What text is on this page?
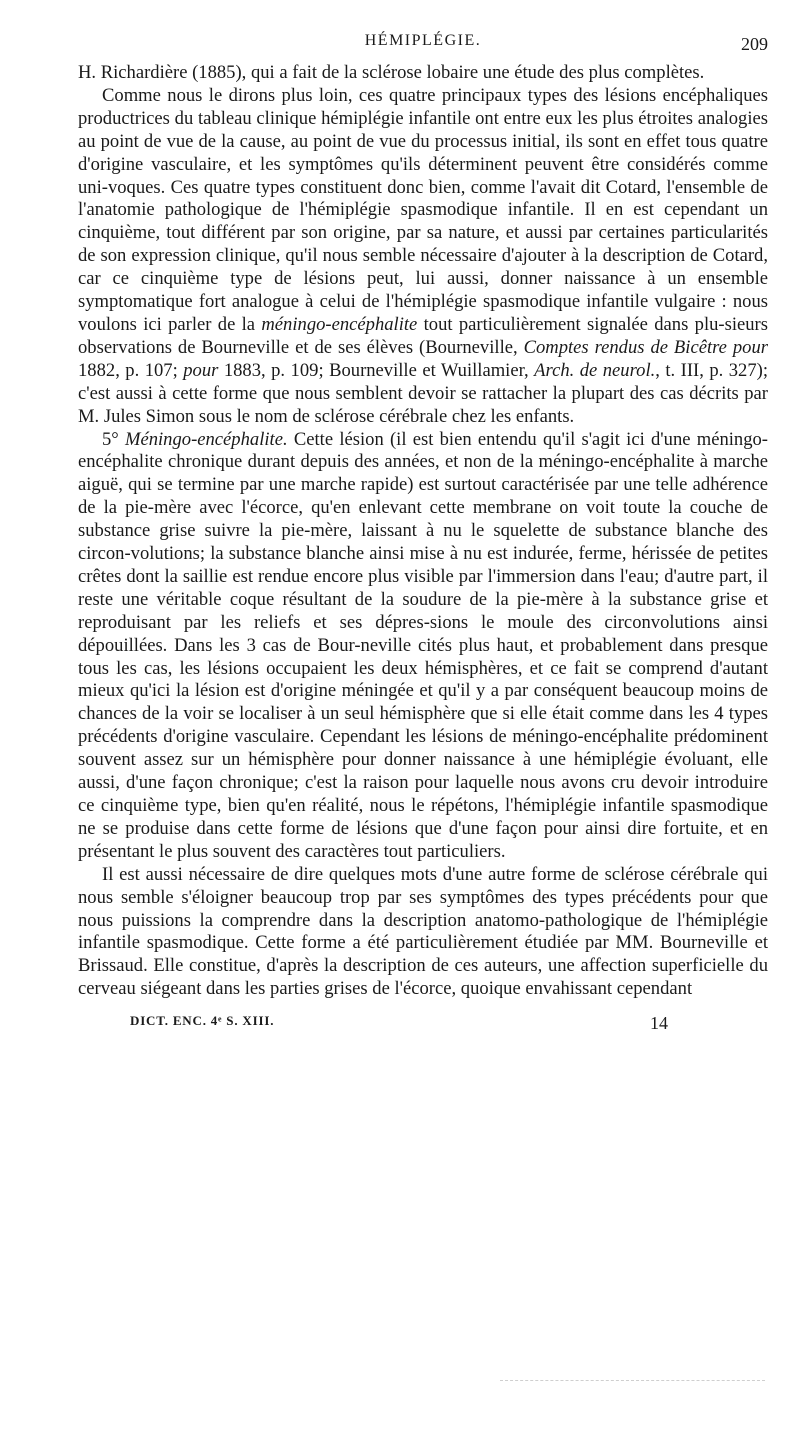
HÉMIPLÉGIE.	209

H. Richardière (1885), qui a fait de la sclérose lobaire une étude des plus complètes.

Comme nous le dirons plus loin, ces quatre principaux types des lésions encéphaliques productrices du tableau clinique hémiplégie infantile ont entre eux les plus étroites analogies au point de vue de la cause, au point de vue du processus initial, ils sont en effet tous quatre d'origine vasculaire, et les symptômes qu'ils déterminent peuvent être considérés comme uni-voques. Ces quatre types constituent donc bien, comme l'avait dit Cotard, l'ensemble de l'anatomie pathologique de l'hémiplégie spasmodique infantile. Il en est cependant un cinquième, tout différent par son origine, par sa nature, et aussi par certaines particularités de son expression clinique, qu'il nous semble nécessaire d'ajouter à la description de Cotard, car ce cinquième type de lésions peut, lui aussi, donner naissance à un ensemble symptomatique fort analogue à celui de l'hémiplégie spasmodique infantile vulgaire : nous voulons ici parler de la méningo-encéphalite tout particulièrement signalée dans plu-sieurs observations de Bourneville et de ses élèves (Bourneville, Comptes rendus de Bicêtre pour 1882, p. 107; pour 1883, p. 109; Bourneville et Wuillamier, Arch. de neurol., t. III, p. 327); c'est aussi à cette forme que nous semblent devoir se rattacher la plupart des cas décrits par M. Jules Simon sous le nom de sclérose cérébrale chez les enfants.

5° Méningo-encéphalite. Cette lésion (il est bien entendu qu'il s'agit ici d'une méningo-encéphalite chronique durant depuis des années, et non de la méningo-encéphalite à marche aiguë, qui se termine par une marche rapide) est surtout caractérisée par une telle adhérence de la pie-mère avec l'écorce, qu'en enlevant cette membrane on voit toute la couche de substance grise suivre la pie-mère, laissant à nu le squelette de substance blanche des circon-volutions; la substance blanche ainsi mise à nu est indurée, ferme, hérissée de petites crêtes dont la saillie est rendue encore plus visible par l'immersion dans l'eau; d'autre part, il reste une véritable coque résultant de la soudure de la pie-mère à la substance grise et reproduisant par les reliefs et ses dépres-sions le moule des circonvolutions ainsi dépouillées. Dans les 3 cas de Bour-neville cités plus haut, et probablement dans presque tous les cas, les lésions occupaient les deux hémisphères, et ce fait se comprend d'autant mieux qu'ici la lésion est d'origine méningée et qu'il y a par conséquent beaucoup moins de chances de la voir se localiser à un seul hémisphère que si elle était comme dans les 4 types précédents d'origine vasculaire. Cependant les lésions de méningo-encéphalite prédominent souvent assez sur un hémisphère pour donner naissance à une hémiplégie évoluant, elle aussi, d'une façon chronique; c'est la raison pour laquelle nous avons cru devoir introduire ce cinquième type, bien qu'en réalité, nous le répétons, l'hémiplégie infantile spasmodique ne se produise dans cette forme de lésions que d'une façon pour ainsi dire fortuite, et en présentant le plus souvent des caractères tout particuliers.

Il est aussi nécessaire de dire quelques mots d'une autre forme de sclérose cérébrale qui nous semble s'éloigner beaucoup trop par ses symptômes des types précédents pour que nous puissions la comprendre dans la description anatomo-pathologique de l'hémiplégie infantile spasmodique. Cette forme a été particulièrement étudiée par MM. Bourneville et Brissaud. Elle constitue, d'après la description de ces auteurs, une affection superficielle du cerveau siégeant dans les parties grises de l'écorce, quoique envahissant cependant

DICT. ENC. 4ᵉ S. XIII.	14
